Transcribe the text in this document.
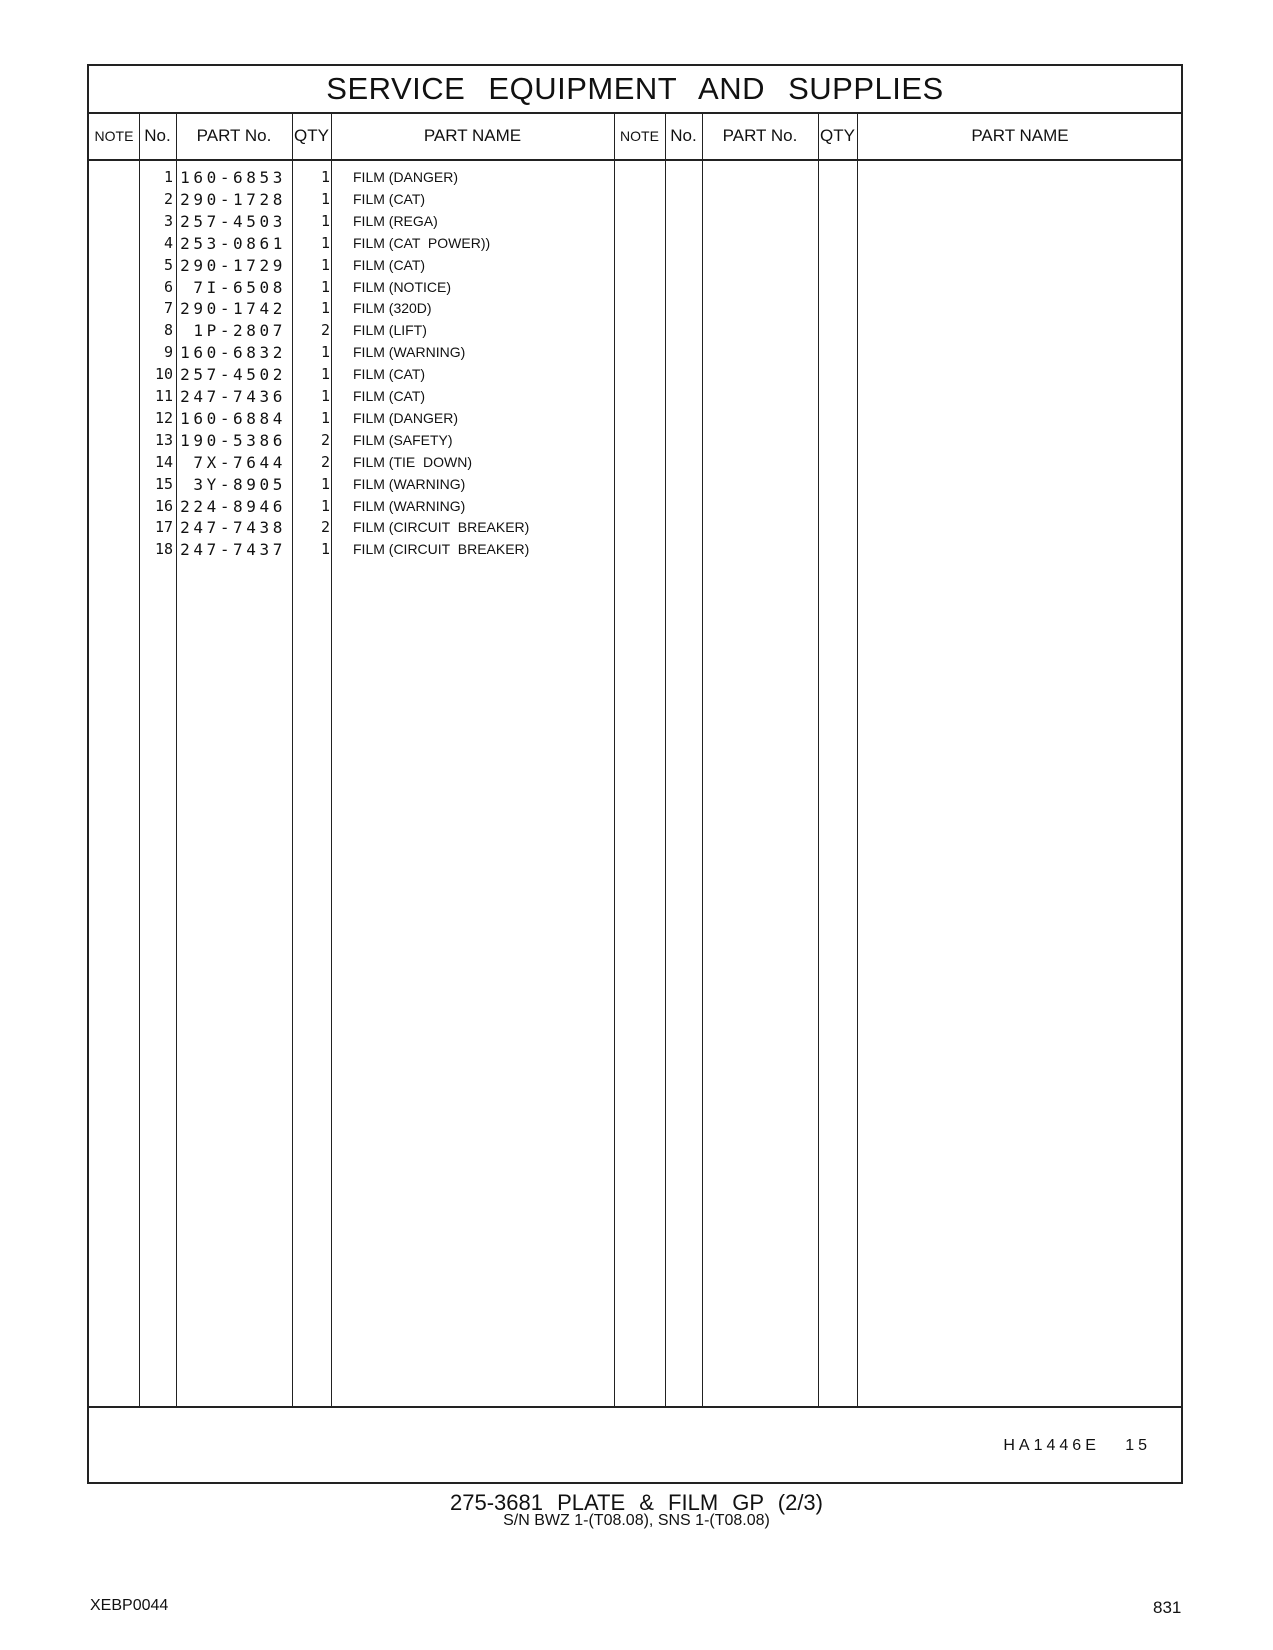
SERVICE EQUIPMENT AND SUPPLIES
NOTE No.	PART No.	QTY	PART NAME	NOTE No.	PART No.	QTY	PART NAME
1 160-6853	1 FILM (DANGER)
2 290-1728	1 FILM (CAT)
3 257-4503	1 FILM (REGA)
4 253-0861	1 FILM (CAT  POWER))
5 290-1729	1 FILM (CAT)
6	7I-6508	1 FILM (NOTICE)
7 290-1742	1 FILM (320D)
8	1P-2807	2 FILM (LIFT)
9 160-6832	1 FILM (WARNING)
10 257-4502	1 FILM (CAT)
11 247-7436	1 FILM (CAT)
12 160-6884	1 FILM (DANGER)
13 190-5386	2 FILM (SAFETY)
14	7X-7644	2 FILM (TIE  DOWN)
15	3Y-8905	1 FILM (WARNING)
16 224-8946	1 FILM (WARNING)
17 247-7438	2 FILM (CIRCUIT  BREAKER)
18 247-7437	1 FILM (CIRCUIT  BREAKER)
HA1446E   15
275-3681 PLATE & FILM GP (2/3)
S/N BWZ 1-(T08.08), SNS 1-(T08.08)
XEBP0044	831
